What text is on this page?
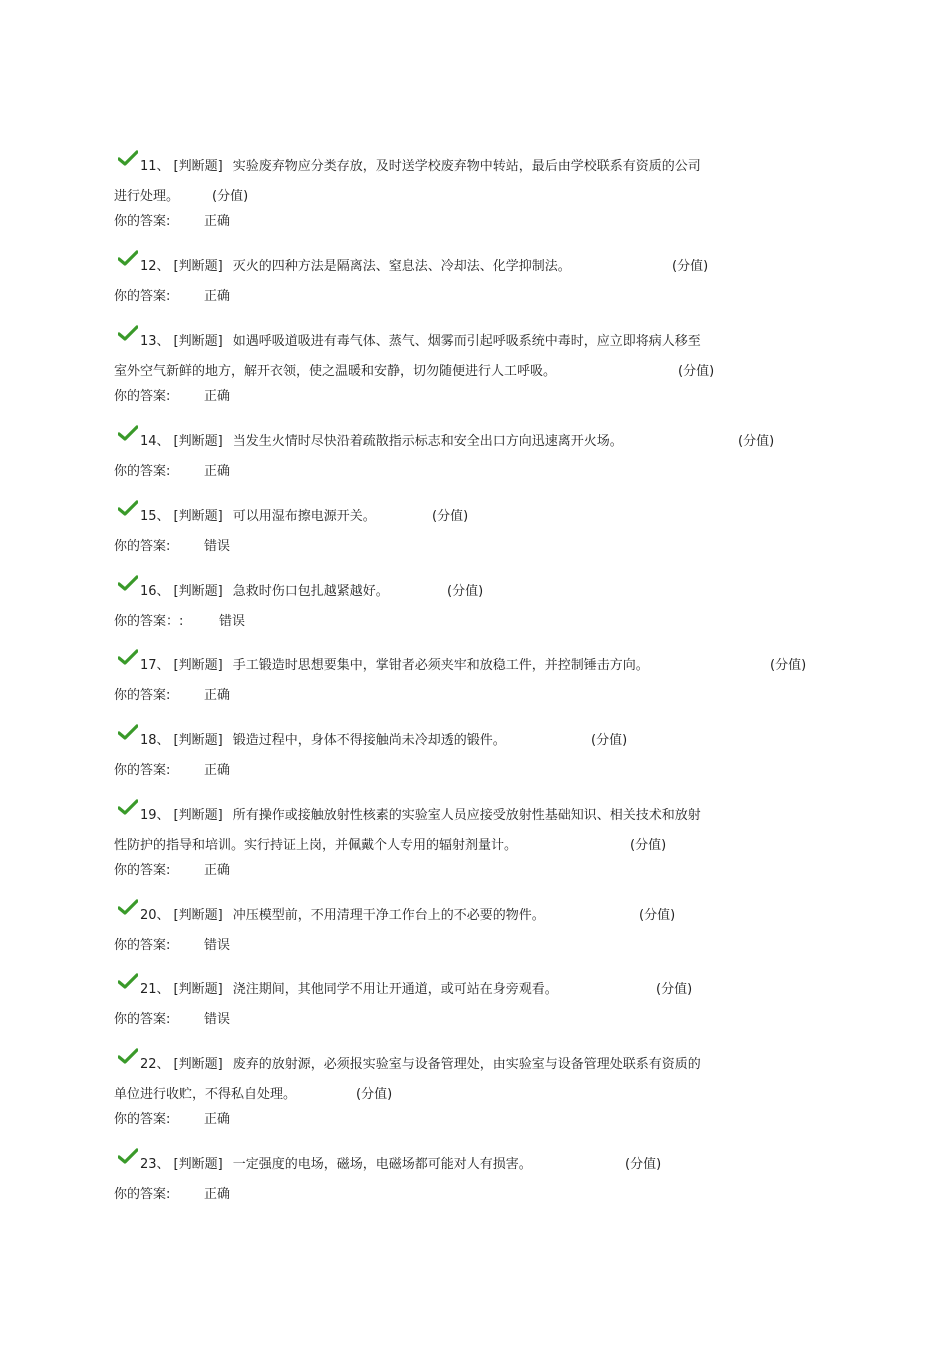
11、 [判断题] 实验废弃物应分类存放，及时送学校废弃物中转站，最后由学校联系有资质的公司
进行处理。	(分值)
你的答案:	正确
12、 [判断题] 灭火的四种方法是隔离法、窒息法、冷却法、化学抑制法。	(分值)
你的答案:	正确
13、 [判断题] 如遇呼吸道吸进有毒气体、蒸气、烟雾而引起呼吸系统中毒时，应立即将病人移至
室外空气新鲜的地方，解开衣领，使之温暖和安静，切勿随便进行人工呼吸。	(分值)
你的答案:	正确
14、 [判断题] 当发生火情时尽快沿着疏散指示标志和安全出口方向迅速离开火场。	(分值)
你的答案:	正确
15、 [判断题] 可以用湿布擦电源开关。	(分值)
你的答案:	错误
16、 [判断题] 急救时伤口包扎越紧越好。	(分值)
你的答案：:	错误
17、 [判断题] 手工锻造时思想要集中，掌钳者必须夹牢和放稳工件，并控制锤击方向。	(分值)
你的答案:	正确
18、 [判断题] 锻造过程中，身体不得接触尚未冷却透的锻件。	(分值)
你的答案:	正确
19、 [判断题] 所有操作或接触放射性核素的实验室人员应接受放射性基础知识、相关技术和放射
性防护的指导和培训。实行持证上岗，并佩戴个人专用的辐射剂量计。	(分值)
你的答案:	正确
20、 [判断题] 冲压模型前，不用清理干净工作台上的不必要的物件。	(分值)
你的答案:	错误
21、 [判断题] 浇注期间，其他同学不用让开通道，或可站在身旁观看。	(分值)
你的答案:	错误
22、 [判断题] 废弃的放射源，必须报实验室与设备管理处，由实验室与设备管理处联系有资质的
单位进行收贮，不得私自处理。	(分值)
你的答案:	正确
23、 [判断题] 一定强度的电场，磁场，电磁场都可能对人有损害。	(分值)
你的答案:	正确
